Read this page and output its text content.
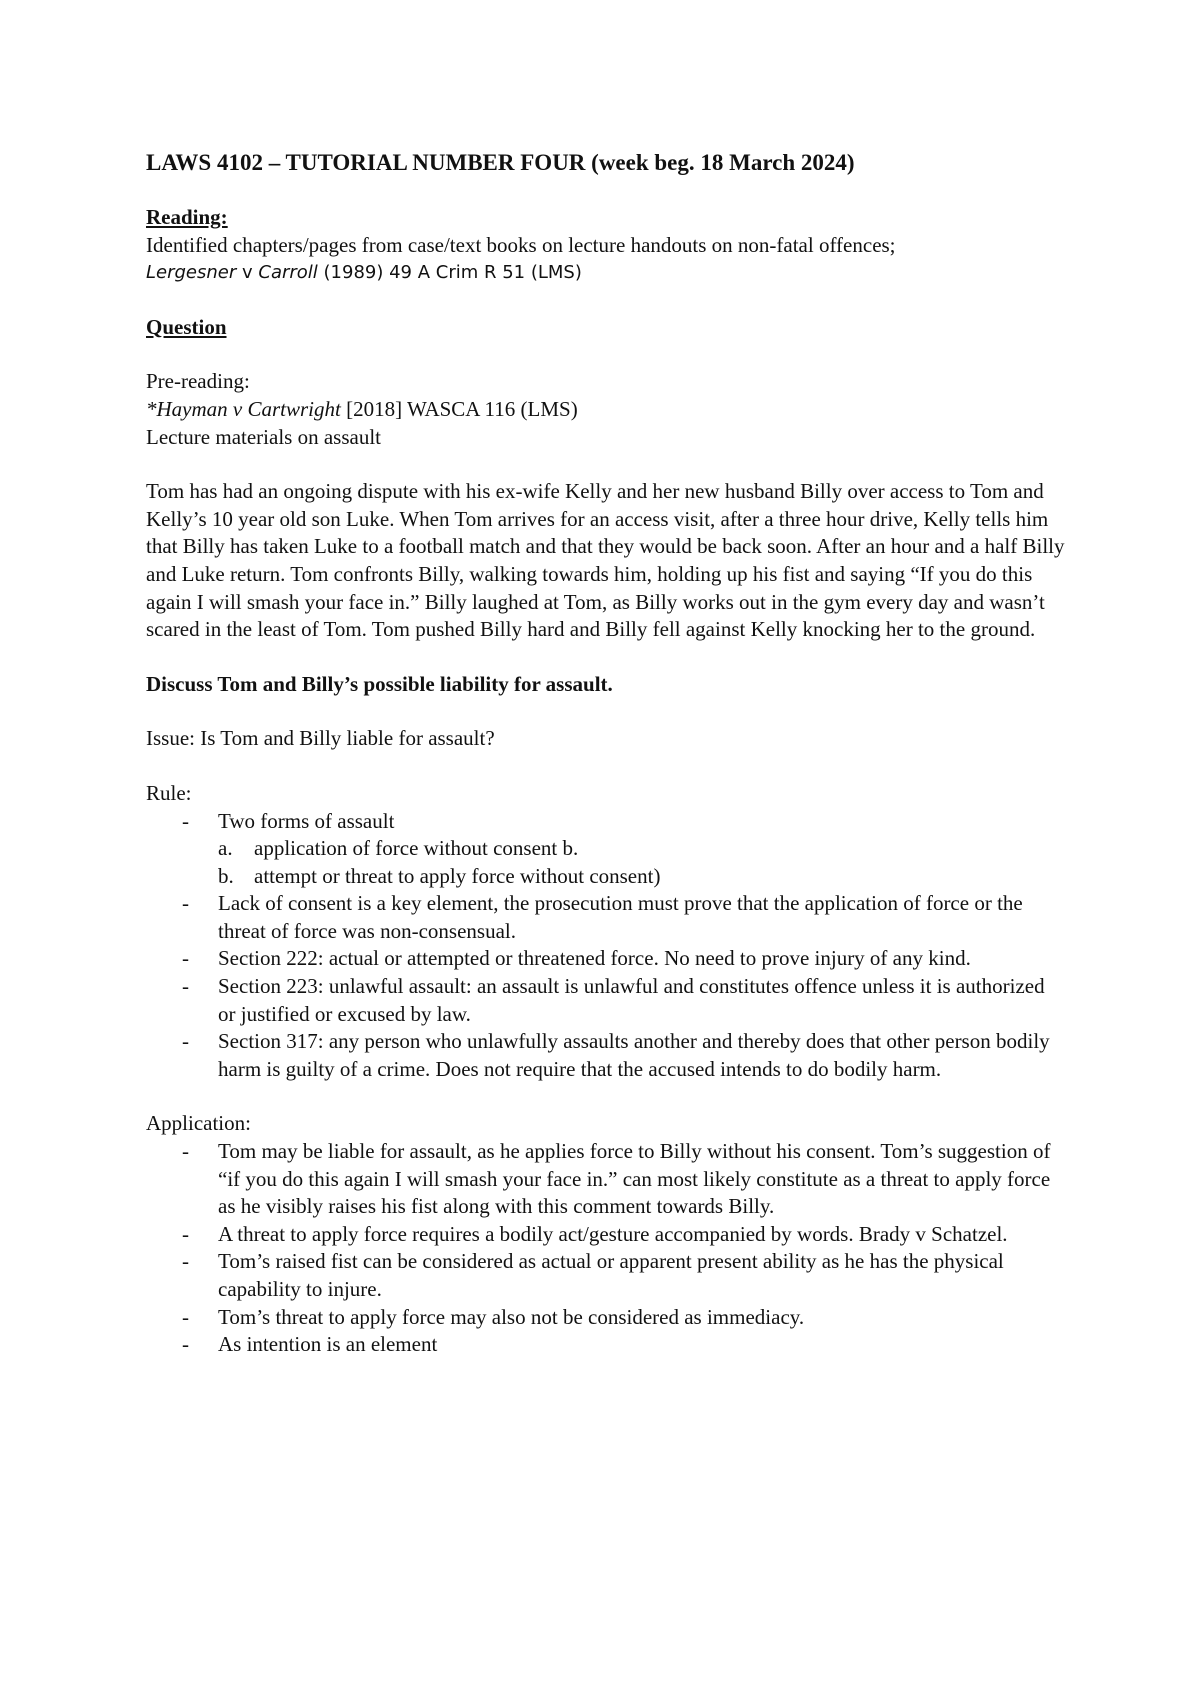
LAWS 4102 – TUTORIAL NUMBER FOUR (week beg. 18 March 2024)

Reading:

Identified chapters/pages from case/text books on lecture handouts on non-fatal offences;

Lergesner v Carroll (1989) 49 A Crim R 51 (LMS)

Question

Pre-reading:

*Hayman v Cartwright [2018] WASCA 116 (LMS)

Lecture materials on assault

Tom has had an ongoing dispute with his ex-wife Kelly and her new husband Billy over access to Tom and Kelly’s 10 year old son Luke. When Tom arrives for an access visit, after a three hour drive, Kelly tells him that Billy has taken Luke to a football match and that they would be back soon. After an hour and a half Billy and Luke return. Tom confronts Billy, walking towards him, holding up his fist and saying “If you do this again I will smash your face in.” Billy laughed at Tom, as Billy works out in the gym every day and wasn’t scared in the least of Tom. Tom pushed Billy hard and Billy fell against Kelly knocking her to the ground.

Discuss Tom and Billy’s possible liability for assault.

Issue: Is Tom and Billy liable for assault?

Rule:

- Two forms of assault
a. application of force without consent b.
b. attempt or threat to apply force without consent)
- Lack of consent is a key element, the prosecution must prove that the application of force or the threat of force was non-consensual.
- Section 222: actual or attempted or threatened force. No need to prove injury of any kind.
- Section 223: unlawful assault: an assault is unlawful and constitutes offence unless it is authorized or justified or excused by law.
- Section 317: any person who unlawfully assaults another and thereby does that other person bodily harm is guilty of a crime. Does not require that the accused intends to do bodily harm.

Application:

- Tom may be liable for assault, as he applies force to Billy without his consent. Tom’s suggestion of “if you do this again I will smash your face in.” can most likely constitute as a threat to apply force as he visibly raises his fist along with this comment towards Billy.
- A threat to apply force requires a bodily act/gesture accompanied by words. Brady v Schatzel.
- Tom’s raised fist can be considered as actual or apparent present ability as he has the physical capability to injure.
- Tom’s threat to apply force may also not be considered as immediacy.
- As intention is an element
